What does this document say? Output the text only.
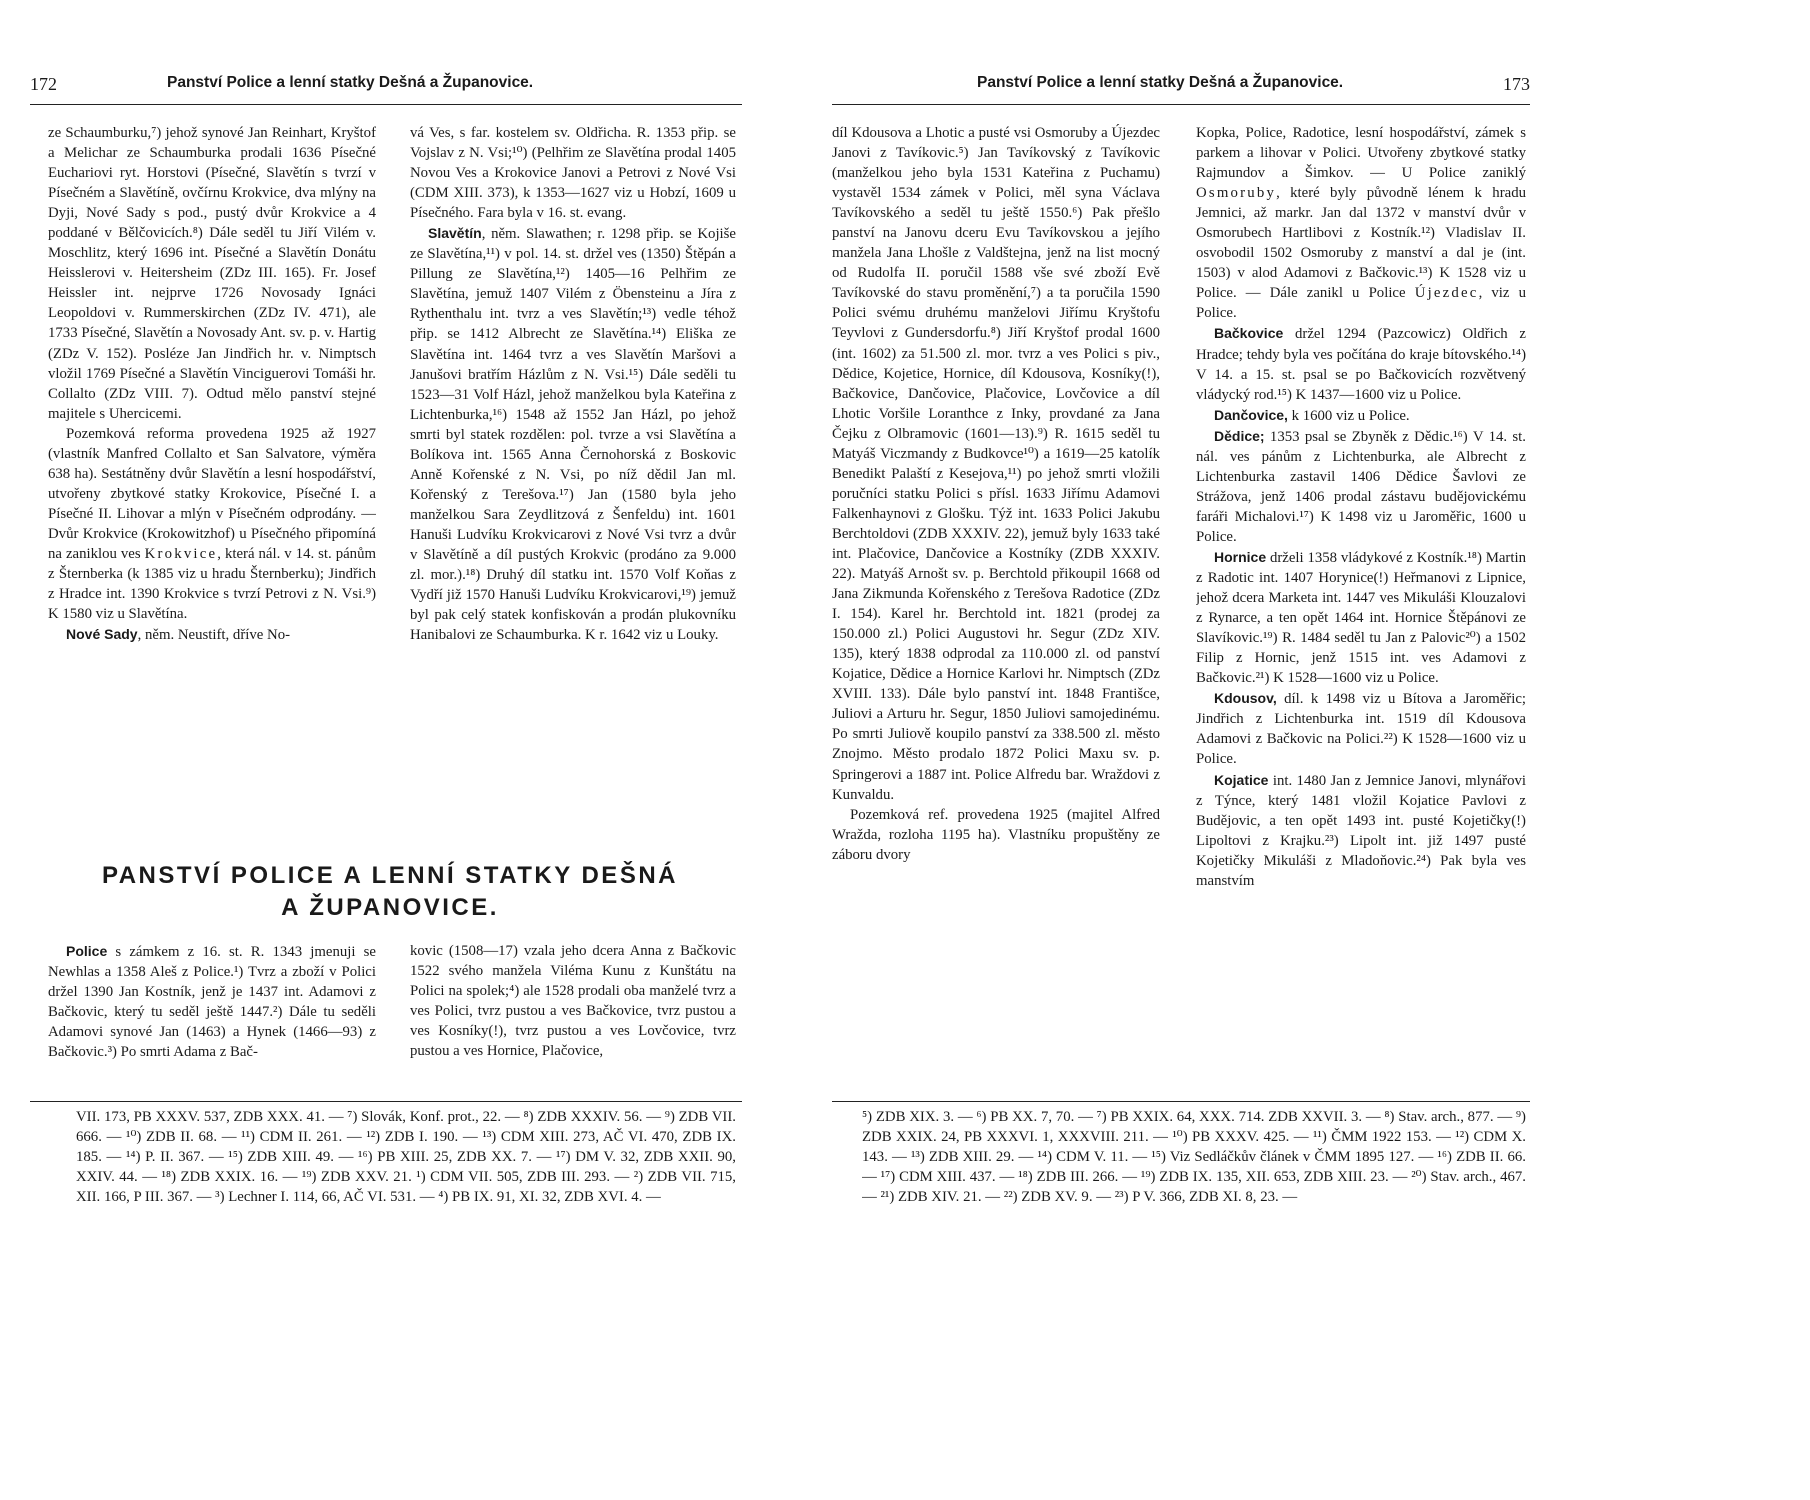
172	Panství Police a lenní statky Dešná a Županovice.

ze Schaumburku,⁷) jehož synové Jan Reinhart, Kryštof a Melichar ze Schaumburka prodali 1636 Písečné Euchariovi ryt. Horstovi (Písečné, Slavětín s tvrzí v Písečném a Slavětíně, ovčírnu Krokvice, dva mlýny na Dyji, Nové Sady s pod., pustý dvůr Krokvice a 4 poddané v Bělčovicích.⁸) Dále seděl tu Jiří Vilém v. Moschlitz, který 1696 int. Písečné a Slavětín Donátu Heisslerovi v. Heitersheim (ZDz III. 165). Fr. Josef Heissler int. nejprve 1726 Novosady Ignáci Leopoldovi v. Rummerskirchen (ZDz IV. 471), ale 1733 Písečné, Slavětín a Novosady Ant. sv. p. v. Hartig (ZDz V. 152). Posléze Jan Jindřich hr. v. Nimptsch vložil 1769 Písečné a Slavětín Vinciguerovi Tomáši hr. Collalto (ZDz VIII. 7). Odtud mělo panství stejné majitele s Uhercicemi.

Pozemková reforma provedena 1925 až 1927 (vlastník Manfred Collalto et San Salvatore, výměra 638 ha). Sestátněny dvůr Slavětín a lesní hospodářství, utvořeny zbytkové statky Krokovice, Písečné I. a Písečné II. Lihovar a mlýn v Písečném odprodány. — Dvůr Krokvice (Krokowitzhof) u Písečného připomíná na zaniklou ves Krokvice, která nál. v 14. st. pánům z Šternberka (k 1385 viz u hradu Šternberku); Jindřich z Hradce int. 1390 Krokvice s tvrzí Petrovi z N. Vsi.⁹) K 1580 viz u Slavětína.

Nové Sady, něm. Neustift, dříve No-

vá Ves, s far. kostelem sv. Oldřicha. R. 1353 přip. se Vojslav z N. Vsi;¹⁰) (Pelhřim ze Slavětína prodal 1405 Novou Ves a Krokovice Janovi a Petrovi z Nové Vsi (CDM XIII. 373), k 1353—1627 viz u Hobzí, 1609 u Písečného. Fara byla v 16. st. evang.

Slavětín, něm. Slawathen; r. 1298 přip. se Kojiše ze Slavětína,¹¹) v pol. 14. st. držel ves (1350) Štěpán a Pillung ze Slavětína,¹²) 1405—16 Pelhřim ze Slavětína, jemuž 1407 Vilém z Öbensteinu a Jíra z Rythenthalu int. tvrz a ves Slavětín;¹³) vedle téhož přip. se 1412 Albrecht ze Slavětína.¹⁴) Eliška ze Slavětína int. 1464 tvrz a ves Slavětín Maršovi a Janušovi bratřím Házlům z N. Vsi.¹⁵) Dále seděli tu 1523—31 Volf Házl, jehož manželkou byla Kateřina z Lichtenburka,¹⁶) 1548 až 1552 Jan Házl, po jehož smrti byl statek rozdělen: pol. tvrze a vsi Slavětína a Bolíkova int. 1565 Anna Černohorská z Boskovic Anně Kořenské z N. Vsi, po níž dědil Jan ml. Kořenský z Terešova.¹⁷) Jan (1580 byla jeho manželkou Sara Zeydlitzová z Šenfeldu) int. 1601 Hanuši Ludvíku Krokvicarovi z Nové Vsi tvrz a dvůr v Slavětíně a díl pustých Krokvic (prodáno za 9.000 zl. mor.).¹⁸) Druhý díl statku int. 1570 Volf Koňas z Vydří již 1570 Hanuši Ludvíku Krokvicarovi,¹⁹) jemuž byl pak celý statek konfiskován a prodán plukovníku Hanibalovi ze Schaumburka. K r. 1642 viz u Louky.

PANSTVÍ POLICE A LENNÍ STATKY DEŠNÁ
A ŽUPANOVICE.

Police s zámkem z 16. st. R. 1343 jmenuji se Newhlas a 1358 Aleš z Police.¹) Tvrz a zboží v Polici držel 1390 Jan Kostník, jenž je 1437 int. Adamovi z Bačkovic, který tu seděl ještě 1447.²) Dále tu seděli Adamovi synové Jan (1463) a Hynek (1466—93) z Bačkovic.³) Po smrti Adama z Bač-

kovic (1508—17) vzala jeho dcera Anna z Bačkovic 1522 svého manžela Viléma Kunu z Kunštátu na Polici na spolek;⁴) ale 1528 prodali oba manželé tvrz a ves Polici, tvrz pustou a ves Bačkovice, tvrz pustou a ves Kosníky(!), tvrz pustou a ves Lovčovice, tvrz pustou a ves Hornice, Plačovice,

VII. 173, PB XXXV. 537, ZDB XXX. 41. — ⁷) Slovák, Konf. prot., 22. — ⁸) ZDB XXXIV. 56. — ⁹) ZDB VII. 666. — ¹⁰) ZDB II. 68. — ¹¹) CDM II. 261. — ¹²) ZDB I. 190. — ¹³) CDM XIII. 273, AČ VI. 470, ZDB IX. 185. — ¹⁴) P. II. 367. — ¹⁵) ZDB XIII. 49. — ¹⁶) PB XIII. 25, ZDB XX. 7. — ¹⁷) DM V. 32, ZDB XXII. 90, XXIV. 44. — ¹⁸) ZDB XXIX. 16. — ¹⁹) ZDB XXV. 21. ¹) CDM VII. 505, ZDB III. 293. — ²) ZDB VII. 715, XII. 166, P III. 367. — ³) Lechner I. 114, 66, AČ VI. 531. — ⁴) PB IX. 91, XI. 32, ZDB XVI. 4. —

Panství Police a lenní statky Dešná a Županovice.	173

díl Kdousova a Lhotic a pusté vsi Osmoruby a Újezdec Janovi z Tavíkovic.⁵) Jan Tavíkovský z Tavíkovic (manželkou jeho byla 1531 Kateřina z Puchamu) vystavěl 1534 zámek v Polici, měl syna Václava Tavíkovského a seděl tu ještě 1550.⁶) Pak přešlo panství na Janovu dceru Evu Tavíkovskou a jejího manžela Jana Lhošle z Valdštejna, jenž na list mocný od Rudolfa II. poručil 1588 vše své zboží Evě Tavíkovské do stavu proměnění,⁷) a ta poručila 1590 Polici svému druhému manželovi Jiřímu Kryštofu Teyvlovi z Gundersdorfu.⁸) Jiří Kryštof prodal 1600 (int. 1602) za 51.500 zl. mor. tvrz a ves Polici s piv., Dědice, Kojetice, Hornice, díl Kdousova, Kosníky(!), Bačkovice, Dančovice, Plačovice, Lovčovice a díl Lhotic Voršile Loranthce z Inky, provdané za Jana Čejku z Olbramovic (1601—13).⁹) R. 1615 seděl tu Matyáš Viczmandy z Budkovce¹⁰) a 1619—25 katolík Benedikt Palaští z Kesejova,¹¹) po jehož smrti vložili poručníci statku Polici s přísl. 1633 Jiřímu Adamovi Falkenhaynovi z Glošku. Týž int. 1633 Polici Jakubu Berchtoldovi (ZDB XXXIV. 22), jemuž byly 1633 také int. Plačovice, Dančovice a Kostníky (ZDB XXXIV. 22). Matyáš Arnošt sv. p. Berchtold přikoupil 1668 od Jana Zikmunda Kořenského z Terešova Radotice (ZDz I. 154). Karel hr. Berchtold int. 1821 (prodej za 150.000 zl.) Polici Augustovi hr. Segur (ZDz XIV. 135), který 1838 odprodal za 110.000 zl. od panství Kojatice, Dědice a Hornice Karlovi hr. Nimptsch (ZDz XVIII. 133). Dále bylo panství int. 1848 Františce, Juliovi a Arturu hr. Segur, 1850 Juliovi samojedinému. Po smrti Juliově koupilo panství za 338.500 zl. město Znojmo. Město prodalo 1872 Polici Maxu sv. p. Springerovi a 1887 int. Police Alfredu bar. Wraždovi z Kunvaldu.

Pozemková ref. provedena 1925 (majitel Alfred Wražda, rozloha 1195 ha). Vlastníku propuštěny ze záboru dvory

Kopka, Police, Radotice, lesní hospodářství, zámek s parkem a lihovar v Polici. Utvořeny zbytkové statky Rajmundov a Šimkov. — U Police zaniklý Osmoruby, které byly původně lénem k hradu Jemnici, až markr. Jan dal 1372 v manství dvůr v Osmorubech Hartlibovi z Kostník.¹²) Vladislav II. osvobodil 1502 Osmoruby z manství a dal je (int. 1503) v alod Adamovi z Bačkovic.¹³) K 1528 viz u Police. — Dále zanikl u Police Újezdec, viz u Police.

Bačkovice držel 1294 (Pazcowicz) Oldřich z Hradce; tehdy byla ves počítána do kraje bítovského.¹⁴) V 14. a 15. st. psal se po Bačkovicích rozvětvený vládycký rod.¹⁵) K 1437—1600 viz u Police.

Dančovice, k 1600 viz u Police.

Dědice; 1353 psal se Zbyněk z Dědic.¹⁶) V 14. st. nál. ves pánům z Lichtenburka, ale Albrecht z Lichtenburka zastavil 1406 Dědice Šavlovi ze Strážova, jenž 1406 prodal zástavu budějovickému faráři Michalovi.¹⁷) K 1498 viz u Jaroměřic, 1600 u Police.

Hornice drželi 1358 vládykové z Kostník.¹⁸) Martin z Radotic int. 1407 Horynice(!) Heřmanovi z Lipnice, jehož dcera Marketa int. 1447 ves Mikuláši Klouzalovi z Rynarce, a ten opět 1464 int. Hornice Štěpánovi ze Slavíkovic.¹⁹) R. 1484 seděl tu Jan z Palovic²⁰) a 1502 Filip z Hornic, jenž 1515 int. ves Adamovi z Bačkovic.²¹) K 1528—1600 viz u Police.

Kdousov, díl. k 1498 viz u Bítova a Jaroměřic; Jindřich z Lichtenburka int. 1519 díl Kdousova Adamovi z Bačkovic na Polici.²²) K 1528—1600 viz u Police.

Kojatice int. 1480 Jan z Jemnice Janovi, mlynářovi z Týnce, který 1481 vložil Kojatice Pavlovi z Budějovic, a ten opět 1493 int. pusté Kojetičky(!) Lipoltovi z Krajku.²³) Lipolt int. již 1497 pusté Kojetičky Mikuláši z Mladoňovic.²⁴) Pak byla ves manstvím

⁵) ZDB XIX. 3. — ⁶) PB XX. 7, 70. — ⁷) PB XXIX. 64, XXX. 714. ZDB XXVII. 3. — ⁸) Stav. arch., 877. — ⁹) ZDB XXIX. 24, PB XXXVI. 1, XXXVIII. 211. — ¹⁰) PB XXXV. 425. — ¹¹) ČMM 1922 153. — ¹²) CDM X. 143. — ¹³) ZDB XIII. 29. — ¹⁴) CDM V. 11. — ¹⁵) Viz Sedláčkův článek v ČMM 1895 127. — ¹⁶) ZDB II. 66. — ¹⁷) CDM XIII. 437. — ¹⁸) ZDB III. 266. — ¹⁹) ZDB IX. 135, XII. 653, ZDB XIII. 23. — ²⁰) Stav. arch., 467. — ²¹) ZDB XIV. 21. — ²²) ZDB XV. 9. — ²³) P V. 366, ZDB XI. 8, 23. —
